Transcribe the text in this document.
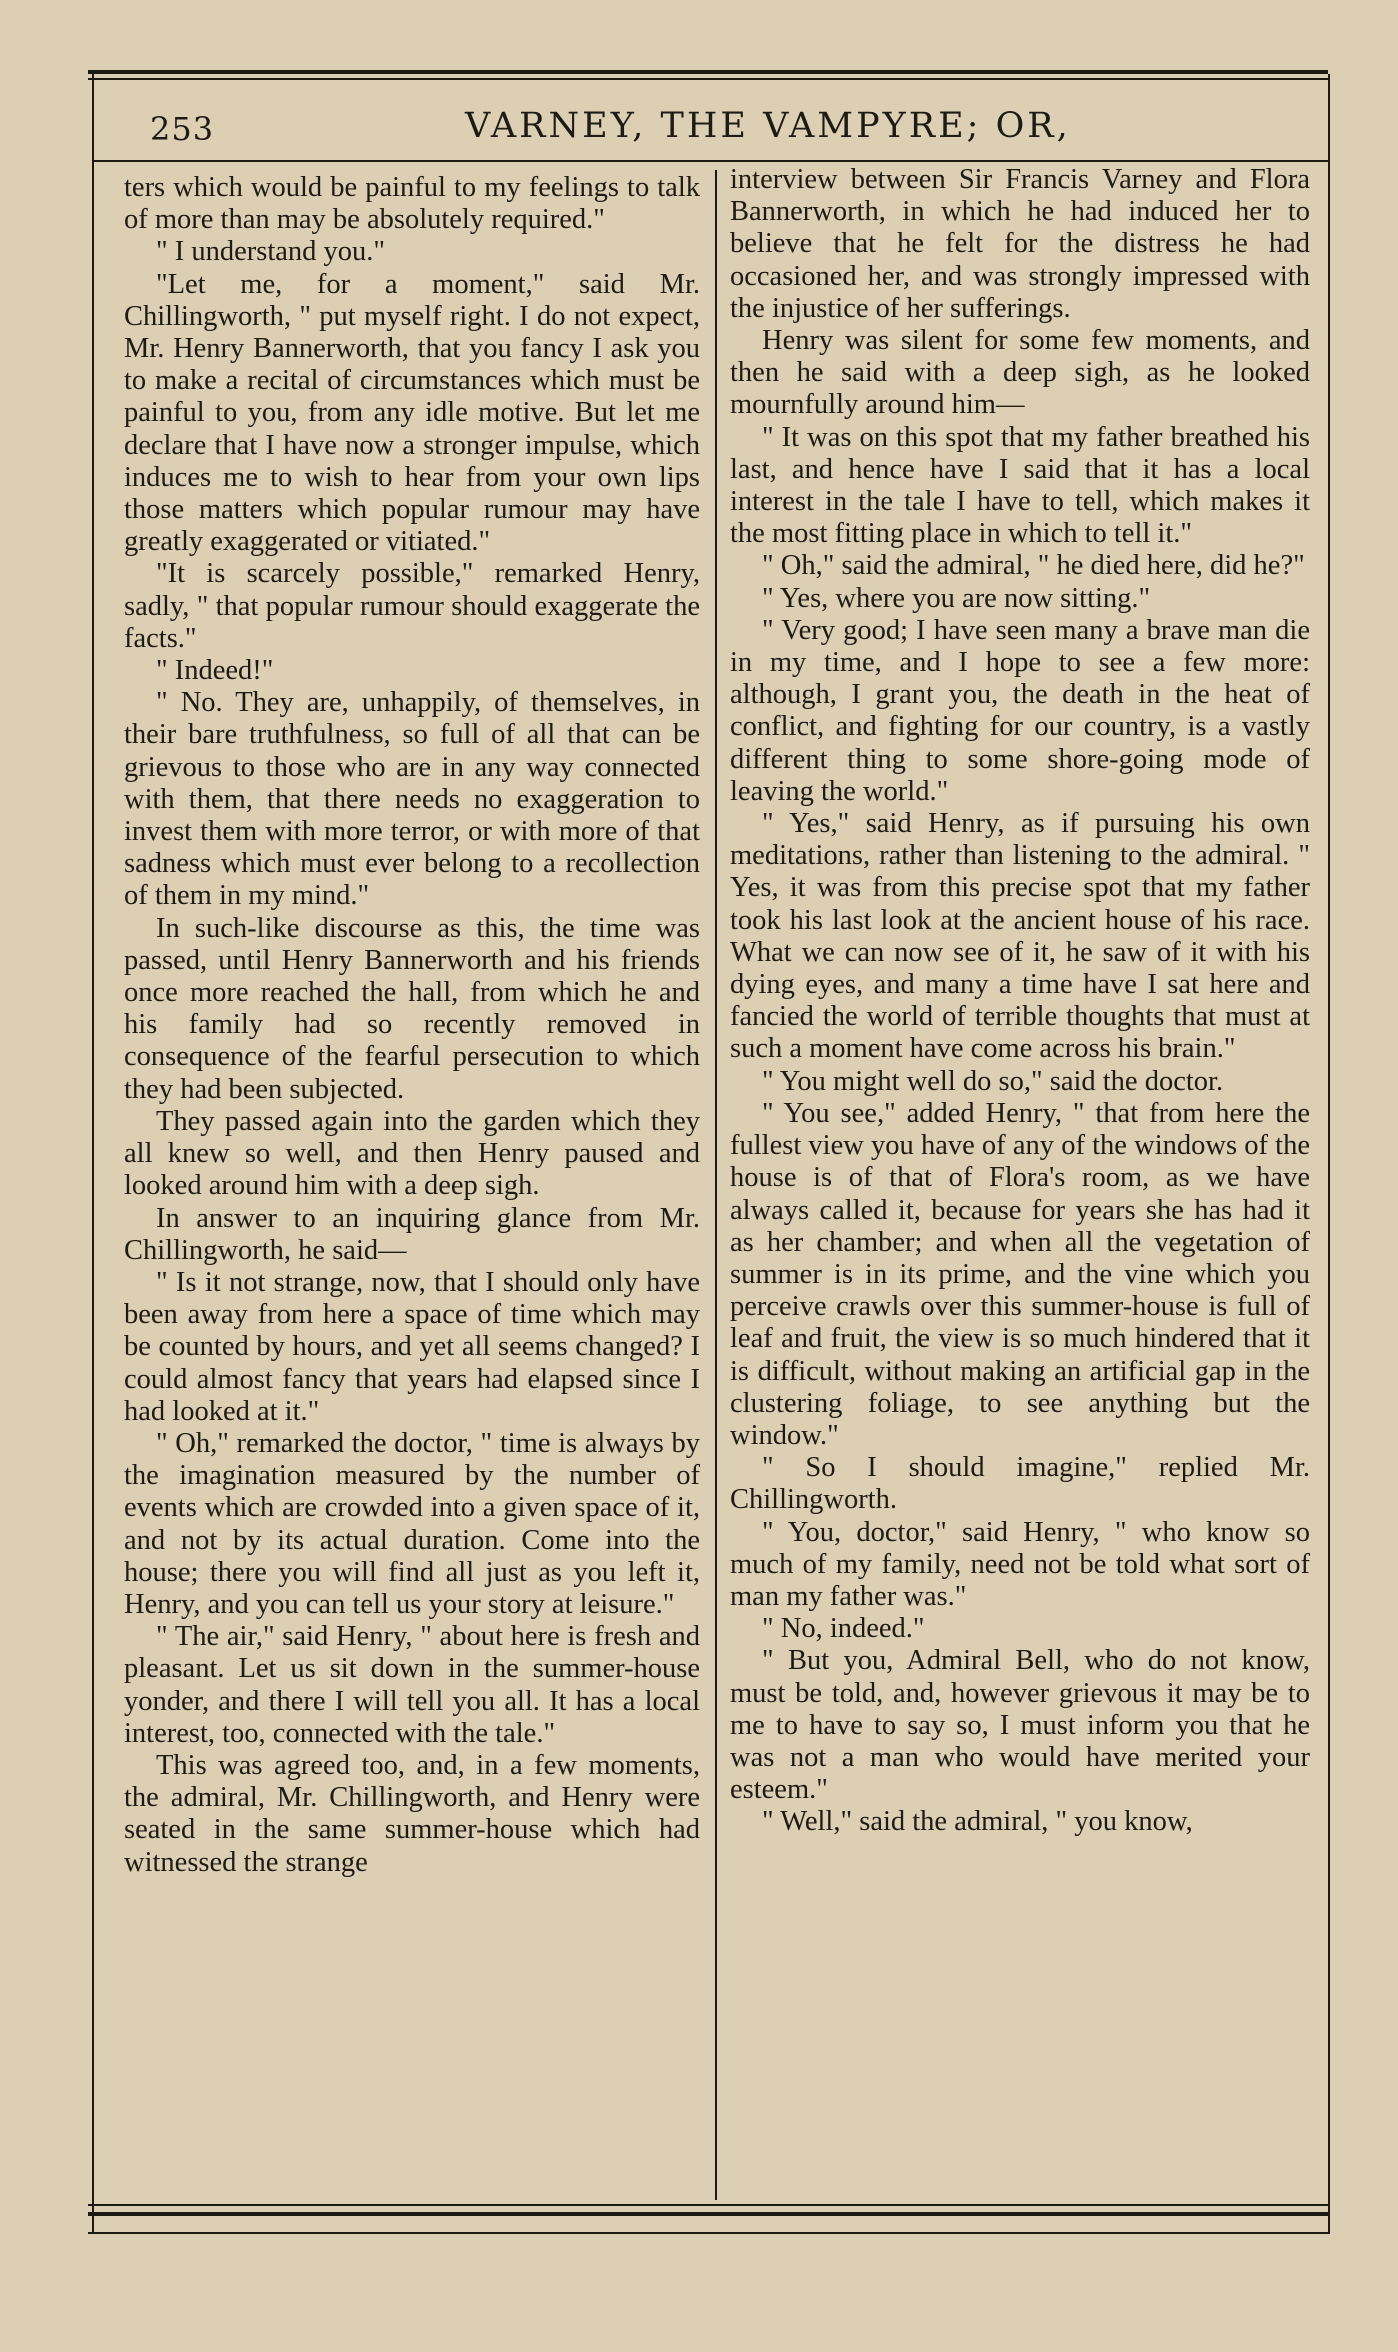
253	VARNEY, THE VAMPYRE; OR,

ters which would be painful to my feelings to talk of more than may be absolutely required."

" I understand you."

"Let me, for a moment," said Mr. Chillingworth, " put myself right. I do not expect, Mr. Henry Bannerworth, that you fancy I ask you to make a recital of circumstances which must be painful to you, from any idle motive. But let me declare that I have now a stronger impulse, which induces me to wish to hear from your own lips those matters which popular rumour may have greatly exaggerated or vitiated."

"It is scarcely possible," remarked Henry, sadly, " that popular rumour should exaggerate the facts."

" Indeed!"

" No. They are, unhappily, of themselves, in their bare truthfulness, so full of all that can be grievous to those who are in any way connected with them, that there needs no exaggeration to invest them with more terror, or with more of that sadness which must ever belong to a recollection of them in my mind."

In such-like discourse as this, the time was passed, until Henry Bannerworth and his friends once more reached the hall, from which he and his family had so recently removed in consequence of the fearful persecution to which they had been subjected.

They passed again into the garden which they all knew so well, and then Henry paused and looked around him with a deep sigh.

In answer to an inquiring glance from Mr. Chillingworth, he said—

" Is it not strange, now, that I should only have been away from here a space of time which may be counted by hours, and yet all seems changed? I could almost fancy that years had elapsed since I had looked at it."

" Oh," remarked the doctor, " time is always by the imagination measured by the number of events which are crowded into a given space of it, and not by its actual duration. Come into the house; there you will find all just as you left it, Henry, and you can tell us your story at leisure."

" The air," said Henry, " about here is fresh and pleasant. Let us sit down in the summer-house yonder, and there I will tell you all. It has a local interest, too, connected with the tale."

This was agreed too, and, in a few moments, the admiral, Mr. Chillingworth, and Henry were seated in the same summer-house which had witnessed the strange

interview between Sir Francis Varney and Flora Bannerworth, in which he had induced her to believe that he felt for the distress he had occasioned her, and was strongly impressed with the injustice of her sufferings.

Henry was silent for some few moments, and then he said with a deep sigh, as he looked mournfully around him—

" It was on this spot that my father breathed his last, and hence have I said that it has a local interest in the tale I have to tell, which makes it the most fitting place in which to tell it."

" Oh," said the admiral, " he died here, did he?"

" Yes, where you are now sitting."

" Very good; I have seen many a brave man die in my time, and I hope to see a few more: although, I grant you, the death in the heat of conflict, and fighting for our country, is a vastly different thing to some shore-going mode of leaving the world."

" Yes," said Henry, as if pursuing his own meditations, rather than listening to the admiral. " Yes, it was from this precise spot that my father took his last look at the ancient house of his race. What we can now see of it, he saw of it with his dying eyes, and many a time have I sat here and fancied the world of terrible thoughts that must at such a moment have come across his brain."

" You might well do so," said the doctor.

" You see," added Henry, " that from here the fullest view you have of any of the windows of the house is of that of Flora's room, as we have always called it, because for years she has had it as her chamber; and when all the vegetation of summer is in its prime, and the vine which you perceive crawls over this summer-house is full of leaf and fruit, the view is so much hindered that it is difficult, without making an artificial gap in the clustering foliage, to see anything but the window."

" So I should imagine," replied Mr. Chillingworth.

" You, doctor," said Henry, " who know so much of my family, need not be told what sort of man my father was."

" No, indeed."

" But you, Admiral Bell, who do not know, must be told, and, however grievous it may be to me to have to say so, I must inform you that he was not a man who would have merited your esteem."

" Well," said the admiral, " you know,
